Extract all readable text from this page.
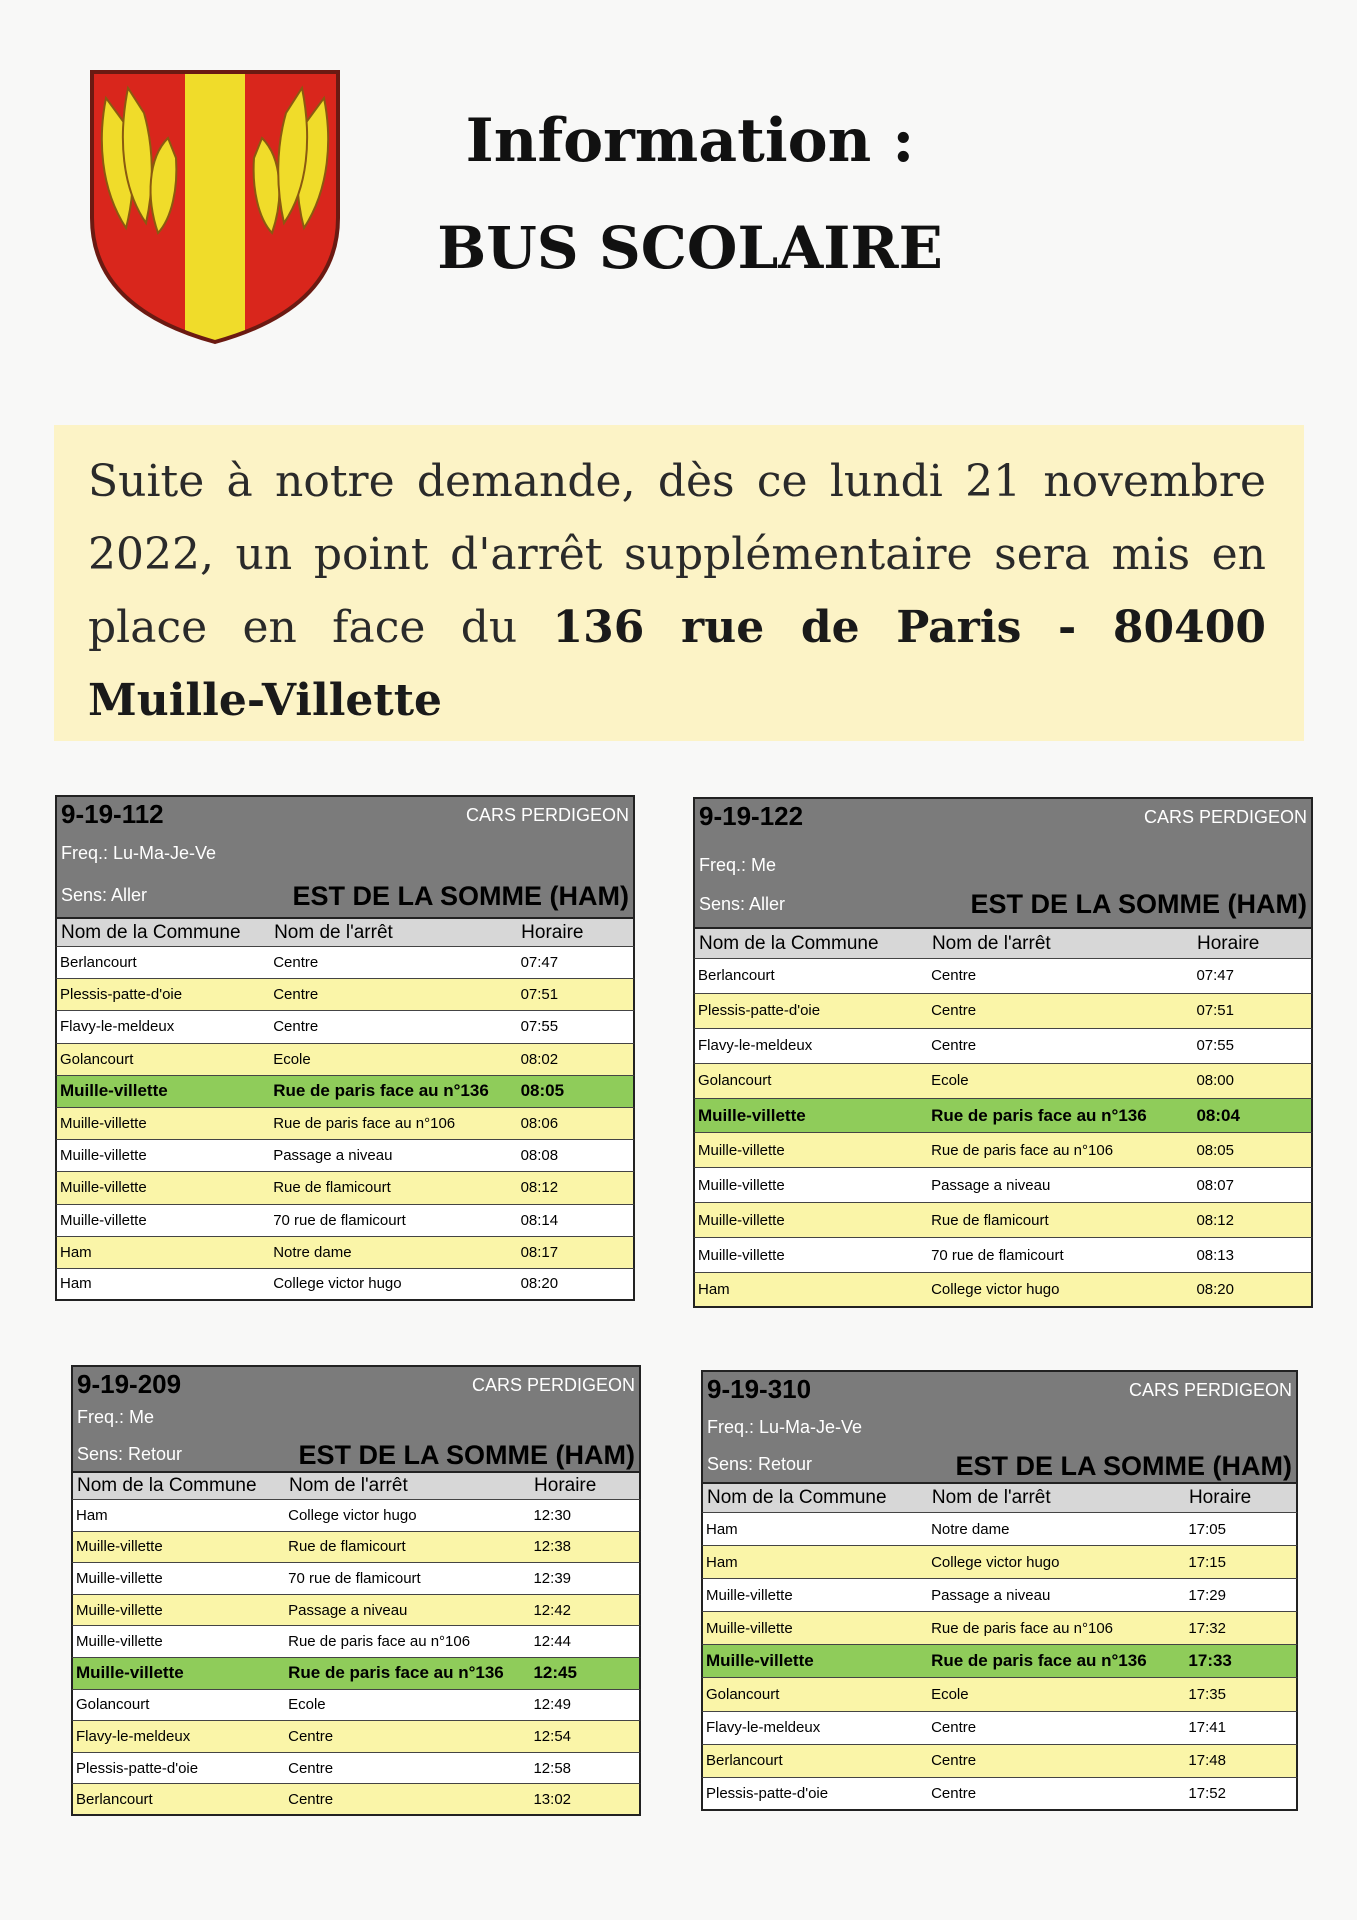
Information :
BUS SCOLAIRE

Suite à notre demande, dès ce lundi 21 novembre 2022, un point d'arrêt supplémentaire sera mis en place en face du 136 rue de Paris - 80400 Muille-Villette

9-19-112	CARS PERDIGEON
Freq.: Lu-Ma-Je-Ve
Sens: Aller	EST DE LA SOMME (HAM)
Nom de la Commune	Nom de l'arrêt	Horaire
Berlancourt	Centre	07:47
Plessis-patte-d'oie	Centre	07:51
Flavy-le-meldeux	Centre	07:55
Golancourt	Ecole	08:02
Muille-villette	Rue de paris face au n°136	08:05
Muille-villette	Rue de paris face au n°106	08:06
Muille-villette	Passage a niveau	08:08
Muille-villette	Rue de flamicourt	08:12
Muille-villette	70 rue de flamicourt	08:14
Ham	Notre dame	08:17
Ham	College victor hugo	08:20
9-19-122	CARS PERDIGEON
Freq.: Me
Sens: Aller	EST DE LA SOMME (HAM)
Nom de la Commune	Nom de l'arrêt	Horaire
Berlancourt	Centre	07:47
Plessis-patte-d'oie	Centre	07:51
Flavy-le-meldeux	Centre	07:55
Golancourt	Ecole	08:00
Muille-villette	Rue de paris face au n°136	08:04
Muille-villette	Rue de paris face au n°106	08:05
Muille-villette	Passage a niveau	08:07
Muille-villette	Rue de flamicourt	08:12
Muille-villette	70 rue de flamicourt	08:13
Ham	College victor hugo	08:20
9-19-209	CARS PERDIGEON
Freq.: Me
Sens: Retour	EST DE LA SOMME (HAM)
Nom de la Commune	Nom de l'arrêt	Horaire
Ham	College victor hugo	12:30
Muille-villette	Rue de flamicourt	12:38
Muille-villette	70 rue de flamicourt	12:39
Muille-villette	Passage a niveau	12:42
Muille-villette	Rue de paris face au n°106	12:44
Muille-villette	Rue de paris face au n°136	12:45
Golancourt	Ecole	12:49
Flavy-le-meldeux	Centre	12:54
Plessis-patte-d'oie	Centre	12:58
Berlancourt	Centre	13:02
9-19-310	CARS PERDIGEON
Freq.: Lu-Ma-Je-Ve
Sens: Retour	EST DE LA SOMME (HAM)
Nom de la Commune	Nom de l'arrêt	Horaire
Ham	Notre dame	17:05
Ham	College victor hugo	17:15
Muille-villette	Passage a niveau	17:29
Muille-villette	Rue de paris face au n°106	17:32
Muille-villette	Rue de paris face au n°136	17:33
Golancourt	Ecole	17:35
Flavy-le-meldeux	Centre	17:41
Berlancourt	Centre	17:48
Plessis-patte-d'oie	Centre	17:52
